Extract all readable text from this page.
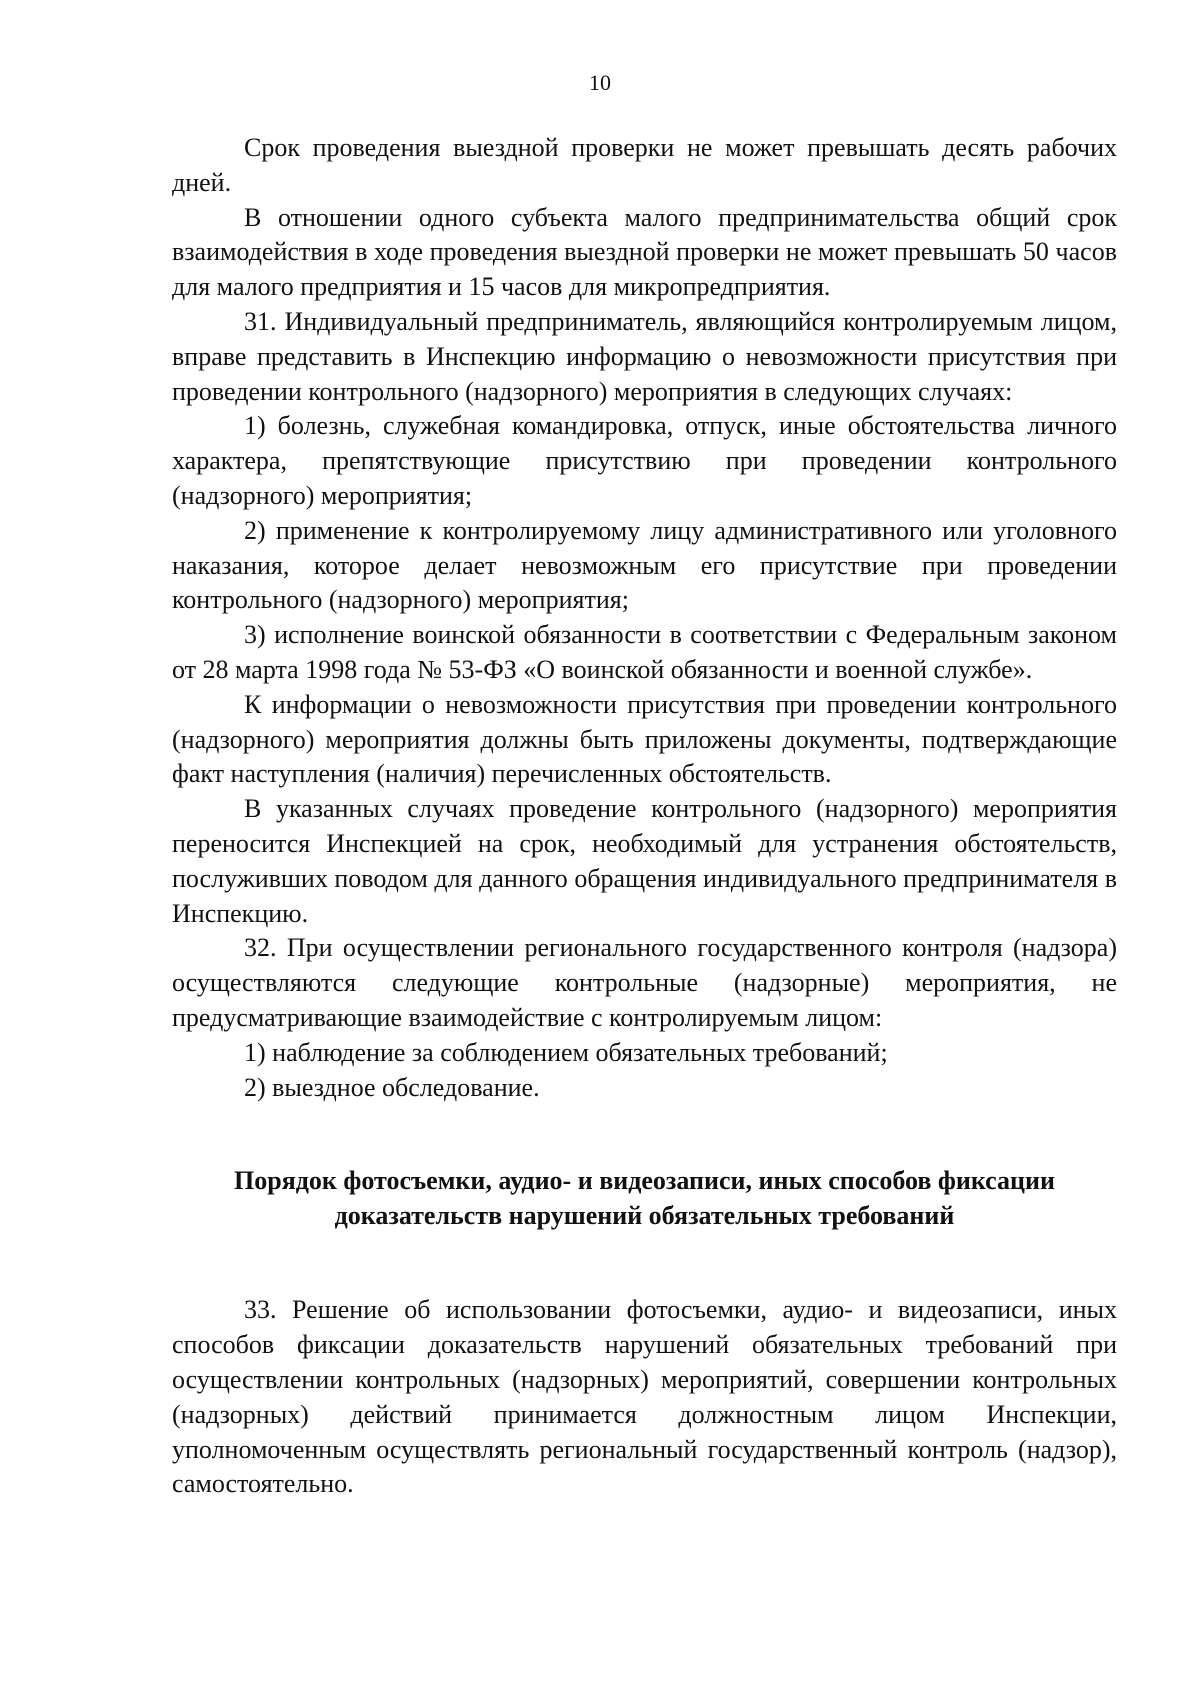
10

Срок проведения выездной проверки не может превышать десять рабочих дней.

В отношении одного субъекта малого предпринимательства общий срок взаимодействия в ходе проведения выездной проверки не может превышать 50 часов для малого предприятия и 15 часов для микропредприятия.

31. Индивидуальный предприниматель, являющийся контролируемым лицом, вправе представить в Инспекцию информацию о невозможности присутствия при проведении контрольного (надзорного) мероприятия в следующих случаях:

1) болезнь, служебная командировка, отпуск, иные обстоятельства личного характера, препятствующие присутствию при проведении контрольного (надзорного) мероприятия;

2) применение к контролируемому лицу административного или уголовного наказания, которое делает невозможным его присутствие при проведении контрольного (надзорного) мероприятия;

3) исполнение воинской обязанности в соответствии с Федеральным законом от 28 марта 1998 года № 53-ФЗ «О воинской обязанности и военной службе».

К информации о невозможности присутствия при проведении контрольного (надзорного) мероприятия должны быть приложены документы, подтверждающие факт наступления (наличия) перечисленных обстоятельств.

В указанных случаях проведение контрольного (надзорного) мероприятия переносится Инспекцией на срок, необходимый для устранения обстоятельств, послуживших поводом для данного обращения индивидуального предпринимателя в Инспекцию.

32. При осуществлении регионального государственного контроля (надзора) осуществляются следующие контрольные (надзорные) мероприятия, не предусматривающие взаимодействие с контролируемым лицом:

1) наблюдение за соблюдением обязательных требований;

2) выездное обследование.

Порядок фотосъемки, аудио- и видеозаписи, иных способов фиксации
доказательств нарушений обязательных требований

33. Решение об использовании фотосъемки, аудио- и видеозаписи, иных способов фиксации доказательств нарушений обязательных требований при осуществлении контрольных (надзорных) мероприятий, совершении контрольных (надзорных) действий принимается должностным лицом Инспекции, уполномоченным осуществлять региональный государственный контроль (надзор), самостоятельно.
